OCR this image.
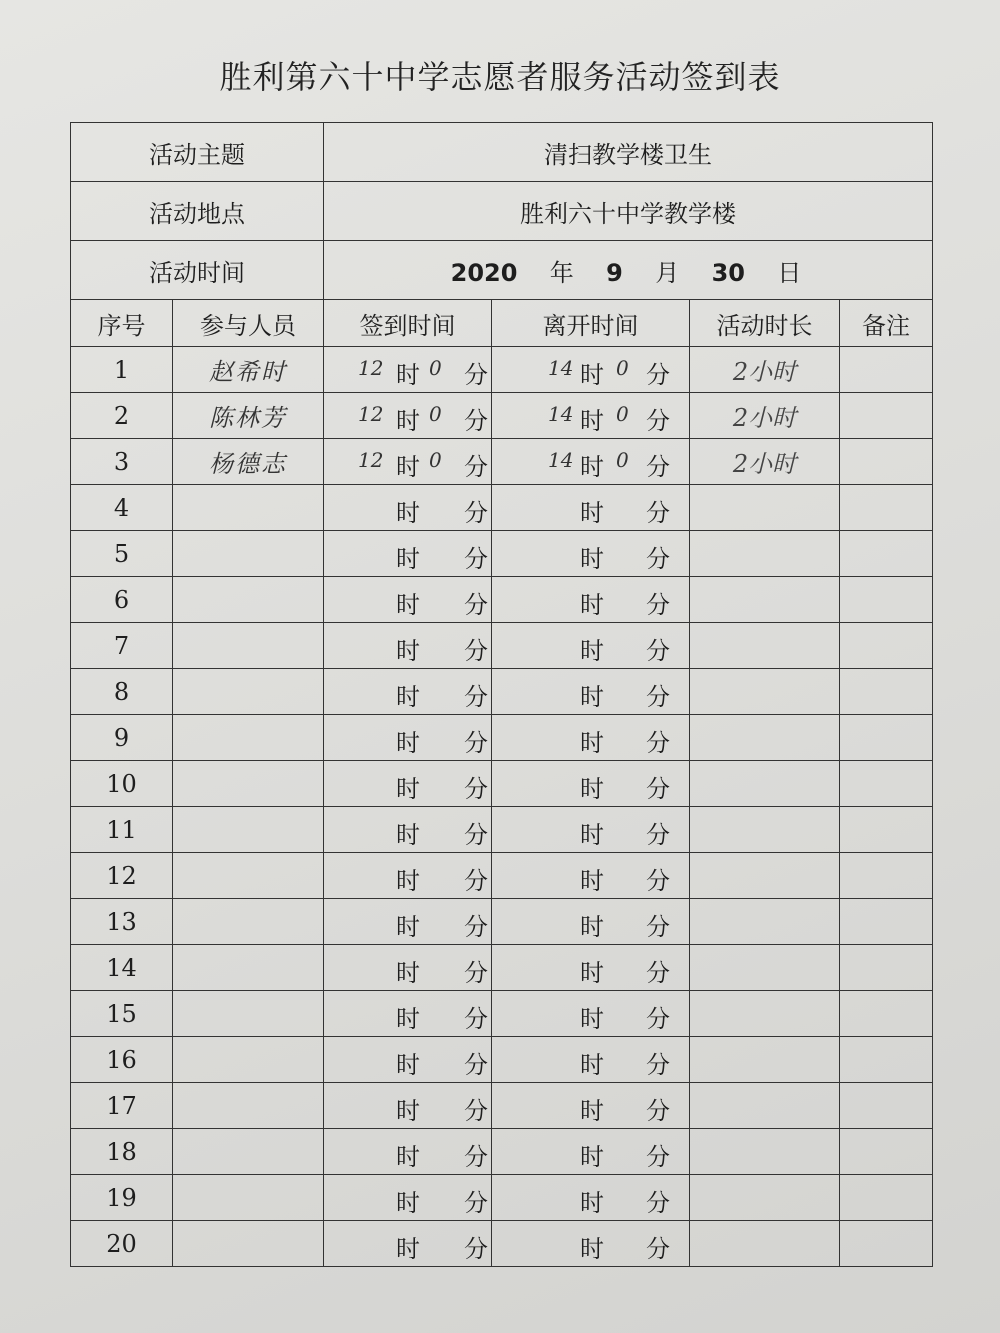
胜利第六十中学志愿者服务活动签到表
活动主题		清扫教学楼卫生			
活动地点		胜利六十中学教学楼			
活动时间		2020 年 9 月 30 日			
序号	参与人员	签到时间	离开时间	活动时长	备注
1	赵希时	12 时 0 分	14 时 0 分	2小时	
2	陈林芳	12 时 0 分	14 时 0 分	2小时	
3	杨德志	12 时 0 分	14 时 0 分	2小时	
4		时 分	时 分		

5		时 分	时 分		

6		时 分	时 分		

7		时 分	时 分		

8		时 分	时 分		

9		时 分	时 分		

10		时 分	时 分		

11		时 分	时 分		

12		时 分	时 分		

13		时 分	时 分		

14		时 分	时 分		

15		时 分	时 分		

16		时 分	时 分		

17		时 分	时 分		

18		时 分	时 分		

19		时 分	时 分		

20		时 分	时 分		
